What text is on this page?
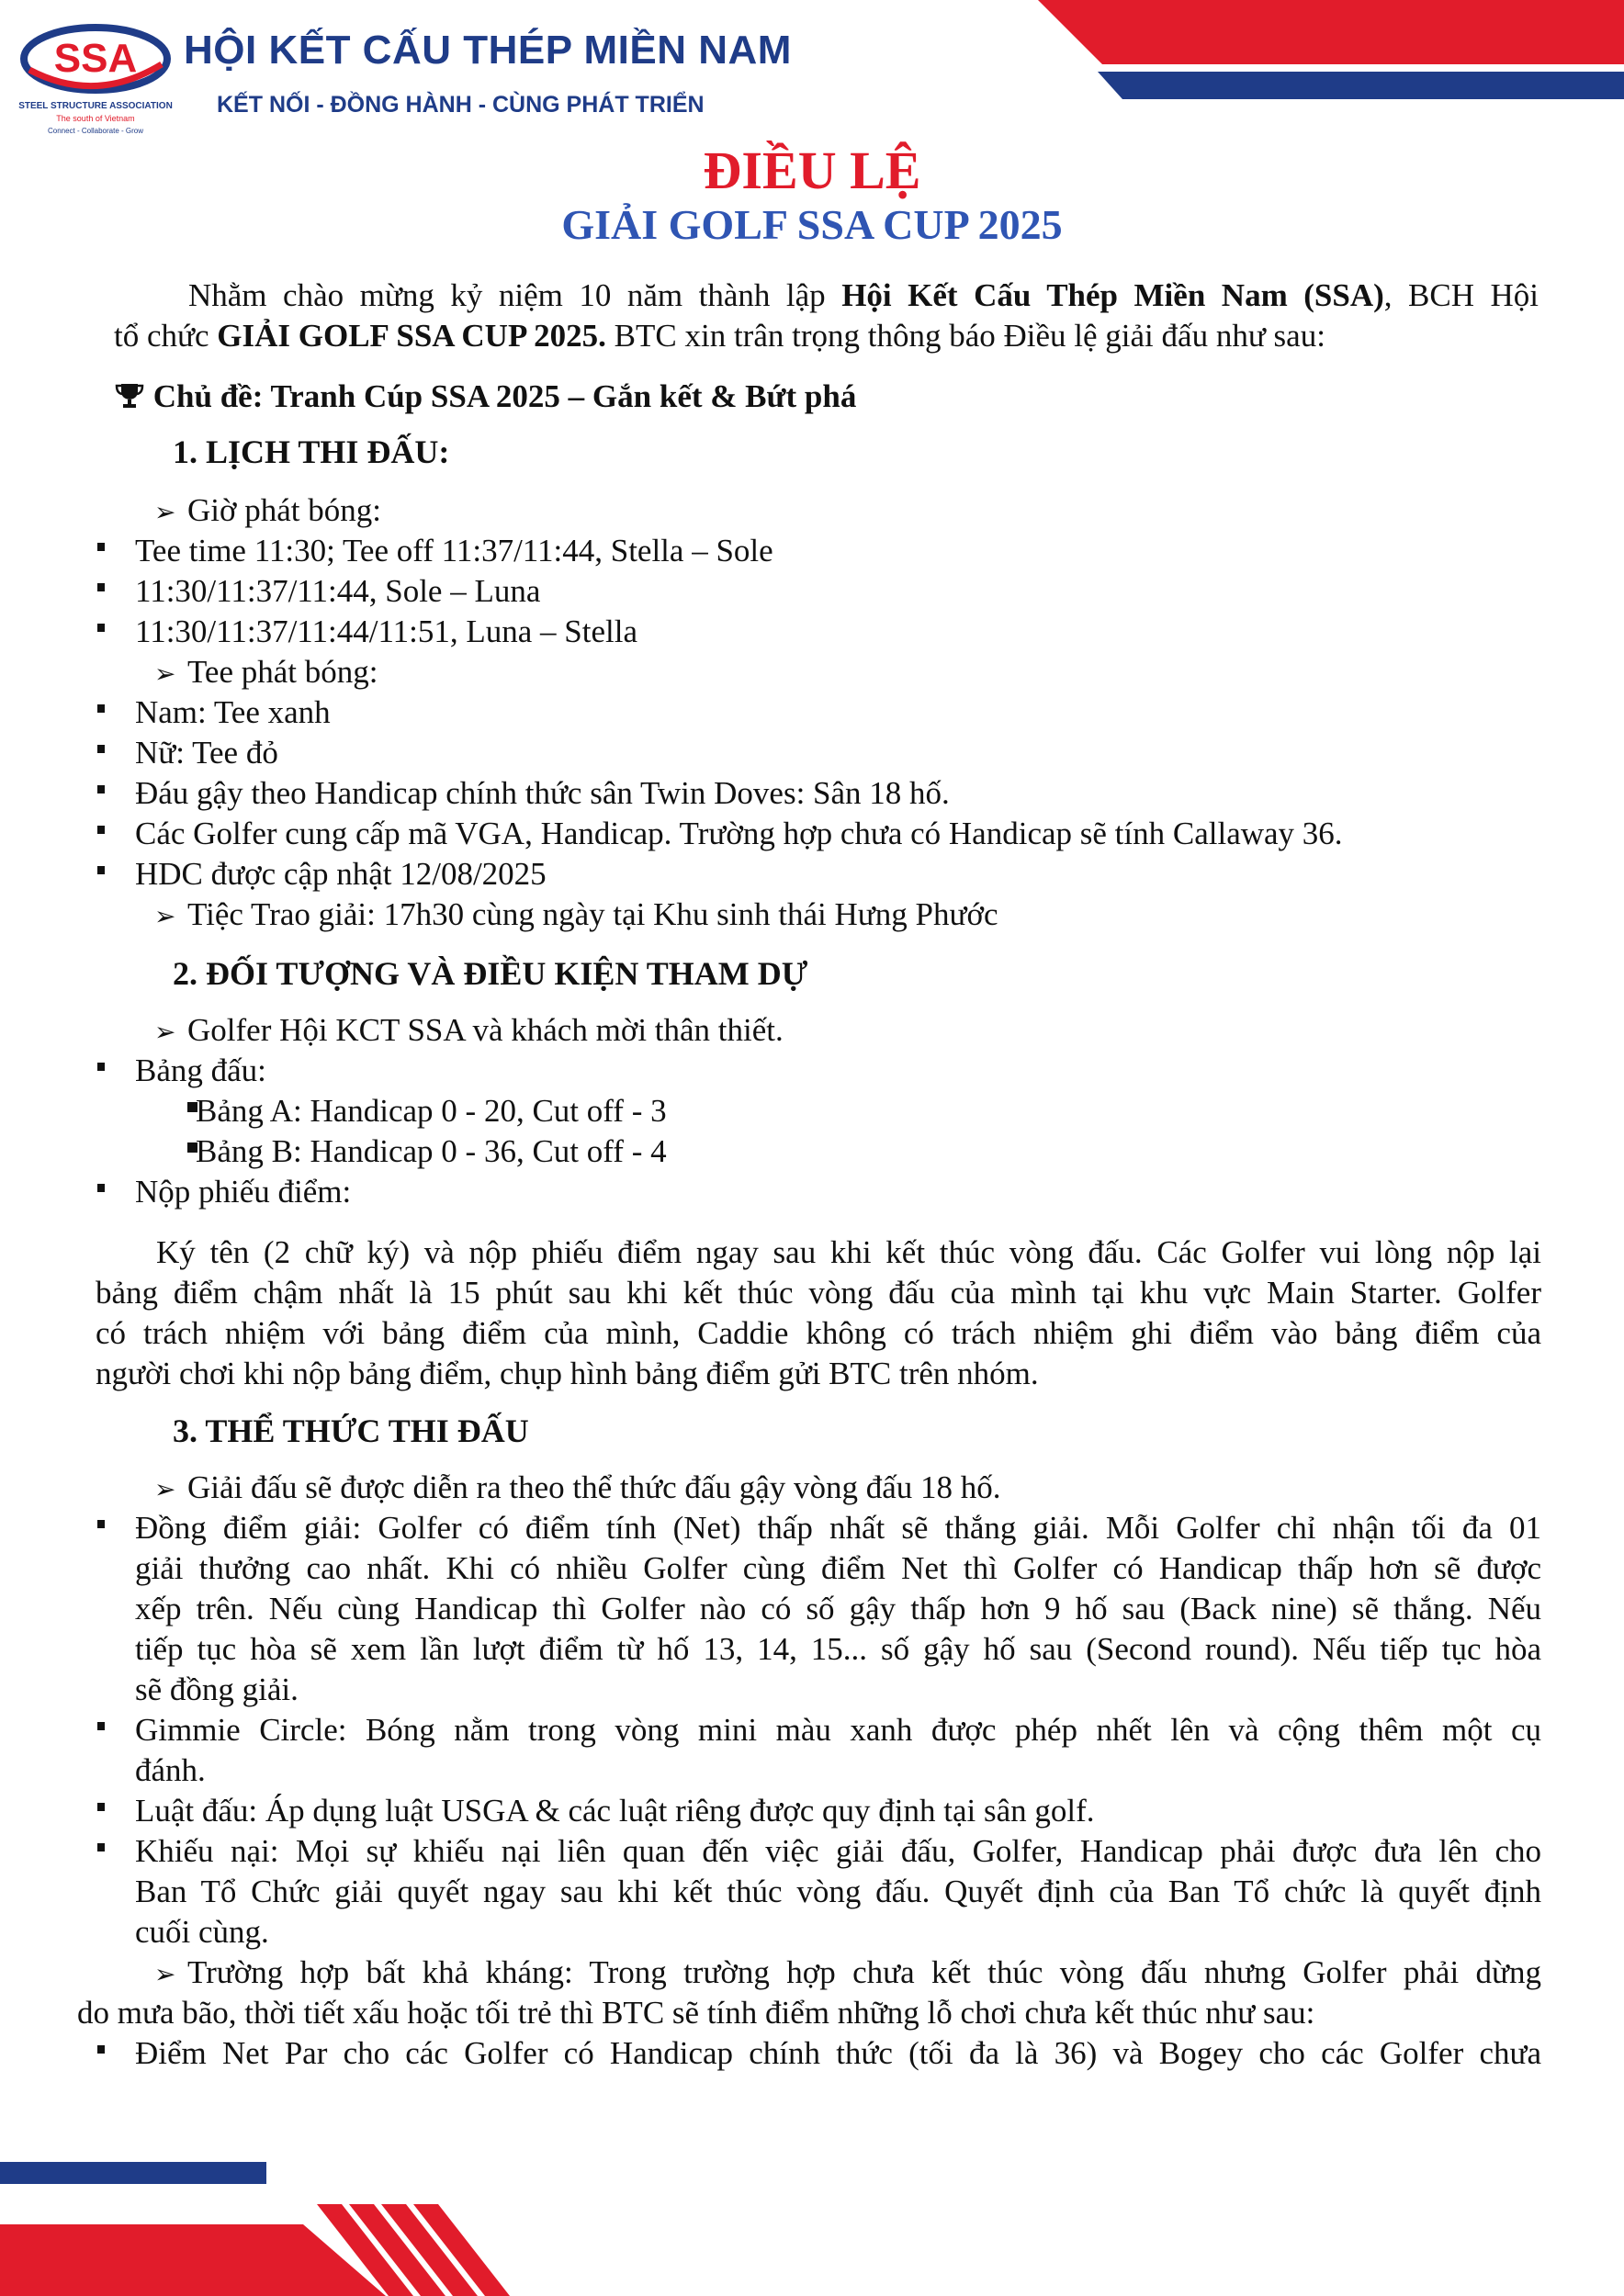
SSA
STEEL STRUCTURE ASSOCIATION
The south of Vietnam
Connect - Collaborate - Grow
HỘI KẾT CẤU THÉP MIỀN NAM
KẾT NỐI - ĐỒNG HÀNH - CÙNG PHÁT TRIỂN
ĐIỀU LỆ
GIẢI GOLF SSA CUP 2025
Nhằm chào mừng kỷ niệm 10 năm thành lập Hội Kết Cấu Thép Miền Nam (SSA), BCH Hội
tổ chức GIẢI GOLF SSA CUP 2025. BTC xin trân trọng thông báo Điều lệ giải đấu như sau:
Chủ đề: Tranh Cúp SSA 2025 – Gắn kết & Bứt phá
1. LỊCH THI ĐẤU:
➢ Giờ phát bóng:
Tee time 11:30; Tee off 11:37/11:44, Stella – Sole
11:30/11:37/11:44, Sole – Luna
11:30/11:37/11:44/11:51, Luna – Stella
➢ Tee phát bóng:
Nam: Tee xanh
Nữ: Tee đỏ
Đáu gậy theo Handicap chính thức sân Twin Doves: Sân 18 hố.
Các Golfer cung cấp mã VGA, Handicap. Trường hợp chưa có Handicap sẽ tính Callaway 36.
HDC được cập nhật 12/08/2025
➢ Tiệc Trao giải: 17h30 cùng ngày tại Khu sinh thái Hưng Phước
2. ĐỐI TƯỢNG VÀ ĐIỀU KIỆN THAM DỰ
➢ Golfer Hội KCT SSA và khách mời thân thiết.
Bảng đấu:
Bảng A: Handicap 0 - 20, Cut off - 3
Bảng B: Handicap 0 - 36, Cut off - 4
Nộp phiếu điểm:
Ký tên (2 chữ ký) và nộp phiếu điểm ngay sau khi kết thúc vòng đấu. Các Golfer vui lòng nộp lại
bảng điểm chậm nhất là 15 phút sau khi kết thúc vòng đấu của mình tại khu vực Main Starter. Golfer
có trách nhiệm với bảng điểm của mình, Caddie không có trách nhiệm ghi điểm vào bảng điểm của
người chơi khi nộp bảng điểm, chụp hình bảng điểm gửi BTC trên nhóm.
3. THỂ THỨC THI ĐẤU
➢ Giải đấu sẽ được diễn ra theo thể thức đấu gậy vòng đấu 18 hố.
Đồng điểm giải: Golfer có điểm tính (Net) thấp nhất sẽ thắng giải. Mỗi Golfer chỉ nhận tối đa 01
giải thưởng cao nhất. Khi có nhiều Golfer cùng điểm Net thì Golfer có Handicap thấp hơn sẽ được
xếp trên. Nếu cùng Handicap thì Golfer nào có số gậy thấp hơn 9 hố sau (Back nine) sẽ thắng. Nếu
tiếp tục hòa sẽ xem lần lượt điểm từ hố 13, 14, 15... số gậy hố sau (Second round). Nếu tiếp tục hòa
sẽ đồng giải.
Gimmie Circle: Bóng nằm trong vòng mini màu xanh được phép nhết lên và cộng thêm một cụ
đánh.
Luật đấu: Áp dụng luật USGA & các luật riêng được quy định tại sân golf.
Khiếu nại: Mọi sự khiếu nại liên quan đến việc giải đấu, Golfer, Handicap phải được đưa lên cho
Ban Tổ Chức giải quyết ngay sau khi kết thúc vòng đấu. Quyết định của Ban Tổ chức là quyết định
cuối cùng.
➢ Trường hợp bất khả kháng: Trong trường hợp chưa kết thúc vòng đấu nhưng Golfer phải dừng
do mưa bão, thời tiết xấu hoặc tối trẻ thì BTC sẽ tính điểm những lỗ chơi chưa kết thúc như sau:
Điểm Net Par cho các Golfer có Handicap chính thức (tối đa là 36) và Bogey cho các Golfer chưa
